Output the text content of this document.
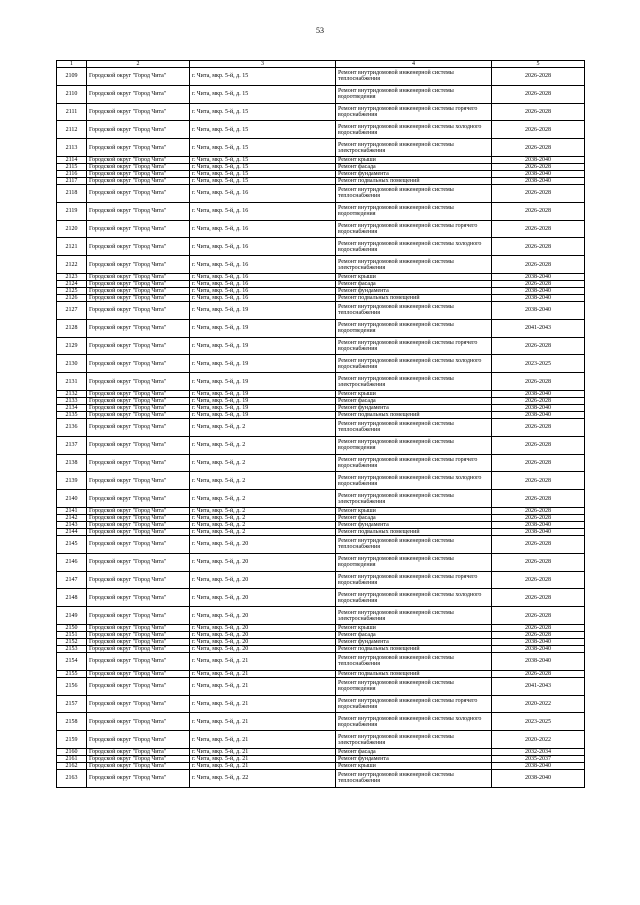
53
1	2	3	4	5
2109	Городской округ "Город Чита"	г. Чита, мкр. 5-й, д. 15	Ремонт внутридомовой инженерной системы теплоснабжения	2026-2028
2110	Городской округ "Город Чита"	г. Чита, мкр. 5-й, д. 15	Ремонт внутридомовой инженерной системы водоотведения	2026-2028
2111	Городской округ "Город Чита"	г. Чита, мкр. 5-й, д. 15	Ремонт внутридомовой инженерной системы горячего водоснабжения	2026-2028
2112	Городской округ "Город Чита"	г. Чита, мкр. 5-й, д. 15	Ремонт внутридомовой инженерной системы холодного водоснабжения	2026-2028
2113	Городской округ "Город Чита"	г. Чита, мкр. 5-й, д. 15	Ремонт внутридомовой инженерной системы электроснабжения	2026-2028
2114	Городской округ "Город Чита"	г. Чита, мкр. 5-й, д. 15	Ремонт крыши	2038-2040
2115	Городской округ "Город Чита"	г. Чита, мкр. 5-й, д. 15	Ремонт фасада	2026-2028
2116	Городской округ "Город Чита"	г. Чита, мкр. 5-й, д. 15	Ремонт фундамента	2038-2040
2117	Городской округ "Город Чита"	г. Чита, мкр. 5-й, д. 15	Ремонт подвальных помещений	2038-2040
2118	Городской округ "Город Чита"	г. Чита, мкр. 5-й, д. 16	Ремонт внутридомовой инженерной системы теплоснабжения	2026-2028
2119	Городской округ "Город Чита"	г. Чита, мкр. 5-й, д. 16	Ремонт внутридомовой инженерной системы водоотведения	2026-2028
2120	Городской округ "Город Чита"	г. Чита, мкр. 5-й, д. 16	Ремонт внутридомовой инженерной системы горячего водоснабжения	2026-2028
2121	Городской округ "Город Чита"	г. Чита, мкр. 5-й, д. 16	Ремонт внутридомовой инженерной системы холодного водоснабжения	2026-2028
2122	Городской округ "Город Чита"	г. Чита, мкр. 5-й, д. 16	Ремонт внутридомовой инженерной системы электроснабжения	2026-2028
2123	Городской округ "Город Чита"	г. Чита, мкр. 5-й, д. 16	Ремонт крыши	2038-2040
2124	Городской округ "Город Чита"	г. Чита, мкр. 5-й, д. 16	Ремонт фасада	2026-2028
2125	Городской округ "Город Чита"	г. Чита, мкр. 5-й, д. 16	Ремонт фундамента	2038-2040
2126	Городской округ "Город Чита"	г. Чита, мкр. 5-й, д. 16	Ремонт подвальных помещений	2038-2040
2127	Городской округ "Город Чита"	г. Чита, мкр. 5-й, д. 19	Ремонт внутридомовой инженерной системы теплоснабжения	2038-2040
2128	Городской округ "Город Чита"	г. Чита, мкр. 5-й, д. 19	Ремонт внутридомовой инженерной системы водоотведения	2041-2043
2129	Городской округ "Город Чита"	г. Чита, мкр. 5-й, д. 19	Ремонт внутридомовой инженерной системы горячего водоснабжения	2026-2028
2130	Городской округ "Город Чита"	г. Чита, мкр. 5-й, д. 19	Ремонт внутридомовой инженерной системы холодного водоснабжения	2023-2025
2131	Городской округ "Город Чита"	г. Чита, мкр. 5-й, д. 19	Ремонт внутридомовой инженерной системы электроснабжения	2026-2028
2132	Городской округ "Город Чита"	г. Чита, мкр. 5-й, д. 19	Ремонт крыши	2038-2040
2133	Городской округ "Город Чита"	г. Чита, мкр. 5-й, д. 19	Ремонт фасада	2026-2028
2134	Городской округ "Город Чита"	г. Чита, мкр. 5-й, д. 19	Ремонт фундамента	2038-2040
2135	Городской округ "Город Чита"	г. Чита, мкр. 5-й, д. 19	Ремонт подвальных помещений	2038-2040
2136	Городской округ "Город Чита"	г. Чита, мкр. 5-й, д. 2	Ремонт внутридомовой инженерной системы теплоснабжения	2026-2028
2137	Городской округ "Город Чита"	г. Чита, мкр. 5-й, д. 2	Ремонт внутридомовой инженерной системы водоотведения	2026-2028
2138	Городской округ "Город Чита"	г. Чита, мкр. 5-й, д. 2	Ремонт внутридомовой инженерной системы горячего водоснабжения	2026-2028
2139	Городской округ "Город Чита"	г. Чита, мкр. 5-й, д. 2	Ремонт внутридомовой инженерной системы холодного водоснабжения	2026-2028
2140	Городской округ "Город Чита"	г. Чита, мкр. 5-й, д. 2	Ремонт внутридомовой инженерной системы электроснабжения	2026-2028
2141	Городской округ "Город Чита"	г. Чита, мкр. 5-й, д. 2	Ремонт крыши	2026-2028
2142	Городской округ "Город Чита"	г. Чита, мкр. 5-й, д. 2	Ремонт фасада	2026-2028
2143	Городской округ "Город Чита"	г. Чита, мкр. 5-й, д. 2	Ремонт фундамента	2038-2040
2144	Городской округ "Город Чита"	г. Чита, мкр. 5-й, д. 2	Ремонт подвальных помещений	2038-2040
2145	Городской округ "Город Чита"	г. Чита, мкр. 5-й, д. 20	Ремонт внутридомовой инженерной системы теплоснабжения	2026-2028
2146	Городской округ "Город Чита"	г. Чита, мкр. 5-й, д. 20	Ремонт внутридомовой инженерной системы водоотведения	2026-2028
2147	Городской округ "Город Чита"	г. Чита, мкр. 5-й, д. 20	Ремонт внутридомовой инженерной системы горячего водоснабжения	2026-2028
2148	Городской округ "Город Чита"	г. Чита, мкр. 5-й, д. 20	Ремонт внутридомовой инженерной системы холодного водоснабжения	2026-2028
2149	Городской округ "Город Чита"	г. Чита, мкр. 5-й, д. 20	Ремонт внутридомовой инженерной системы электроснабжения	2026-2028
2150	Городской округ "Город Чита"	г. Чита, мкр. 5-й, д. 20	Ремонт крыши	2026-2028
2151	Городской округ "Город Чита"	г. Чита, мкр. 5-й, д. 20	Ремонт фасада	2026-2028
2152	Городской округ "Город Чита"	г. Чита, мкр. 5-й, д. 20	Ремонт фундамента	2038-2040
2153	Городской округ "Город Чита"	г. Чита, мкр. 5-й, д. 20	Ремонт подвальных помещений	2038-2040
2154	Городской округ "Город Чита"	г. Чита, мкр. 5-й, д. 21	Ремонт внутридомовой инженерной системы теплоснабжения	2038-2040
2155	Городской округ "Город Чита"	г. Чита, мкр. 5-й, д. 21	Ремонт подвальных помещений	2026-2028
2156	Городской округ "Город Чита"	г. Чита, мкр. 5-й, д. 21	Ремонт внутридомовой инженерной системы водоотведения	2041-2043
2157	Городской округ "Город Чита"	г. Чита, мкр. 5-й, д. 21	Ремонт внутридомовой инженерной системы горячего водоснабжения	2020-2022
2158	Городской округ "Город Чита"	г. Чита, мкр. 5-й, д. 21	Ремонт внутридомовой инженерной системы холодного водоснабжения	2023-2025
2159	Городской округ "Город Чита"	г. Чита, мкр. 5-й, д. 21	Ремонт внутридомовой инженерной системы электроснабжения	2020-2022
2160	Городской округ "Город Чита"	г. Чита, мкр. 5-й, д. 21	Ремонт фасада	2032-2034
2161	Городской округ "Город Чита"	г. Чита, мкр. 5-й, д. 21	Ремонт фундамента	2035-2037
2162	Городской округ "Город Чита"	г. Чита, мкр. 5-й, д. 21	Ремонт крыши	2038-2040
2163	Городской округ "Город Чита"	г. Чита, мкр. 5-й, д. 22	Ремонт внутридомовой инженерной системы теплоснабжения	2038-2040
